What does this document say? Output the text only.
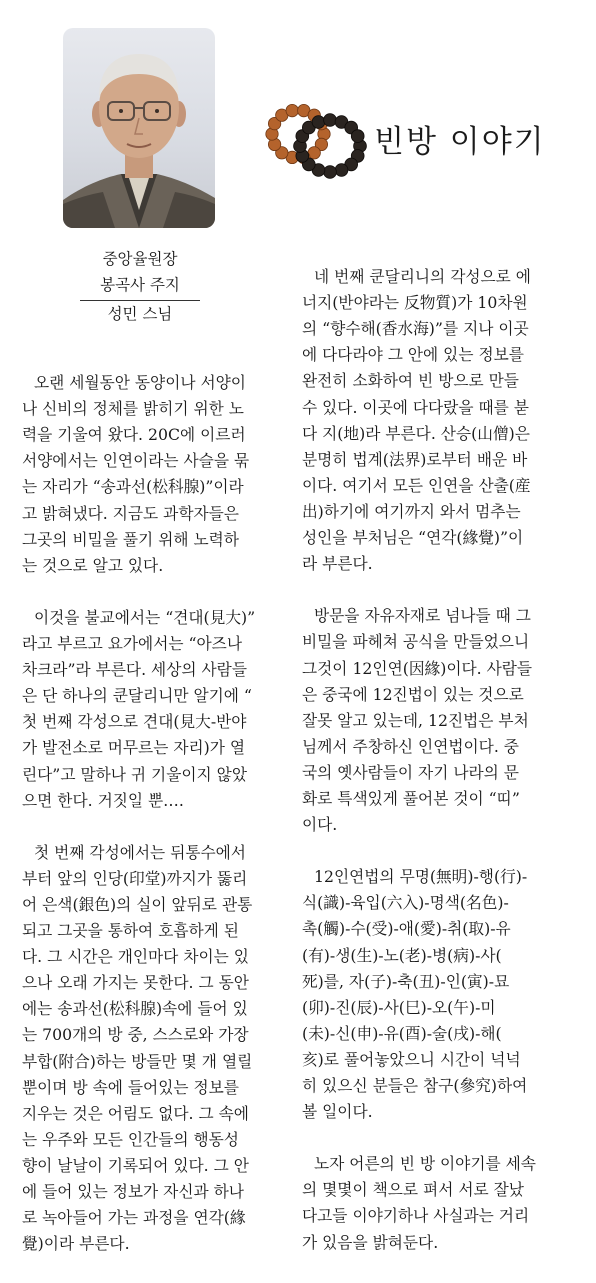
빈방 이야기
중앙율원장
봉곡사 주지
성민 스님

오랜 세월동안 동양이나 서양이
나 신비의 정체를 밝히기 위한 노
력을 기울여 왔다. 20C에 이르러
서양에서는 인연이라는 사슬을 묶
는 자리가 “송과선(松科腺)”이라
고 밝혀냈다. 지금도 과학자들은
그곳의 비밀을 풀기 위해 노력하
는 것으로 알고 있다.

이것을 불교에서는 “견대(見大)”
라고 부르고 요가에서는 “아즈나
차크라”라 부른다. 세상의 사람들
은 단 하나의 쿤달리니만 알기에 “
첫 번째 각성으로 견대(見大-반야
가 발전소로 머무르는 자리)가 열
린다”고 말하나 귀 기울이지 않았
으면 한다. 거짓일 뿐….

첫 번째 각성에서는 뒤통수에서
부터 앞의 인당(印堂)까지가 뚫리
어 은색(銀色)의 실이 앞뒤로 관통
되고 그곳을 통하여 호흡하게 된
다. 그 시간은 개인마다 차이는 있
으나 오래 가지는 못한다. 그 동안
에는 송과선(松科腺)속에 들어 있
는 700개의 방 중, 스스로와 가장
부합(附合)하는 방들만 몇 개 열릴
뿐이며 방 속에 들어있는 정보를
지우는 것은 어림도 없다. 그 속에
는 우주와 모든 인간들의 행동성
향이 날날이 기록되어 있다. 그 안
에 들어 있는 정보가 자신과 하나
로 녹아들어 가는 과정을 연각(緣
覺)이라 부른다.

네 번째 쿤달리니의 각성으로 에
너지(반야라는 反物質)가 10차원
의 “향수해(香水海)”를 지나 이곳
에 다다라야 그 안에 있는 정보를
완전히 소화하여 빈 방으로 만들
수 있다. 이곳에 다다랐을 때를 붇
다 지(地)라 부른다. 산승(山僧)은
분명히 법계(法界)로부터 배운 바
이다. 여기서 모든 인연을 산출(産
出)하기에 여기까지 와서 멈추는
성인을 부처님은 “연각(緣覺)”이
라 부른다.

방문을 자유자재로 넘나들 때 그
비밀을 파헤쳐 공식을 만들었으니
그것이 12인연(因緣)이다. 사람들
은 중국에 12진법이 있는 것으로
잘못 알고 있는데, 12진법은 부처
님께서 주창하신 인연법이다. 중
국의 옛사람들이 자기 나라의 문
화로 특색있게 풀어본 것이 “띠”
이다.

12인연법의 무명(無明)-행(行)-
식(識)-육입(六入)-명색(名色)-
촉(觸)-수(受)-애(愛)-취(取)-유
(有)-생(生)-노(老)-병(病)-사(
死)를, 자(子)-축(丑)-인(寅)-묘
(卯)-진(辰)-사(巳)-오(午)-미
(未)-신(申)-유(酉)-술(戌)-해(
亥)로 풀어놓았으니 시간이 넉넉
히 있으신 분들은 참구(參究)하여
볼 일이다.

노자 어른의 빈 방 이야기를 세속
의 몇몇이 책으로 펴서 서로 잘났
다고들 이야기하나 사실과는 거리
가 있음을 밝혀둔다.
